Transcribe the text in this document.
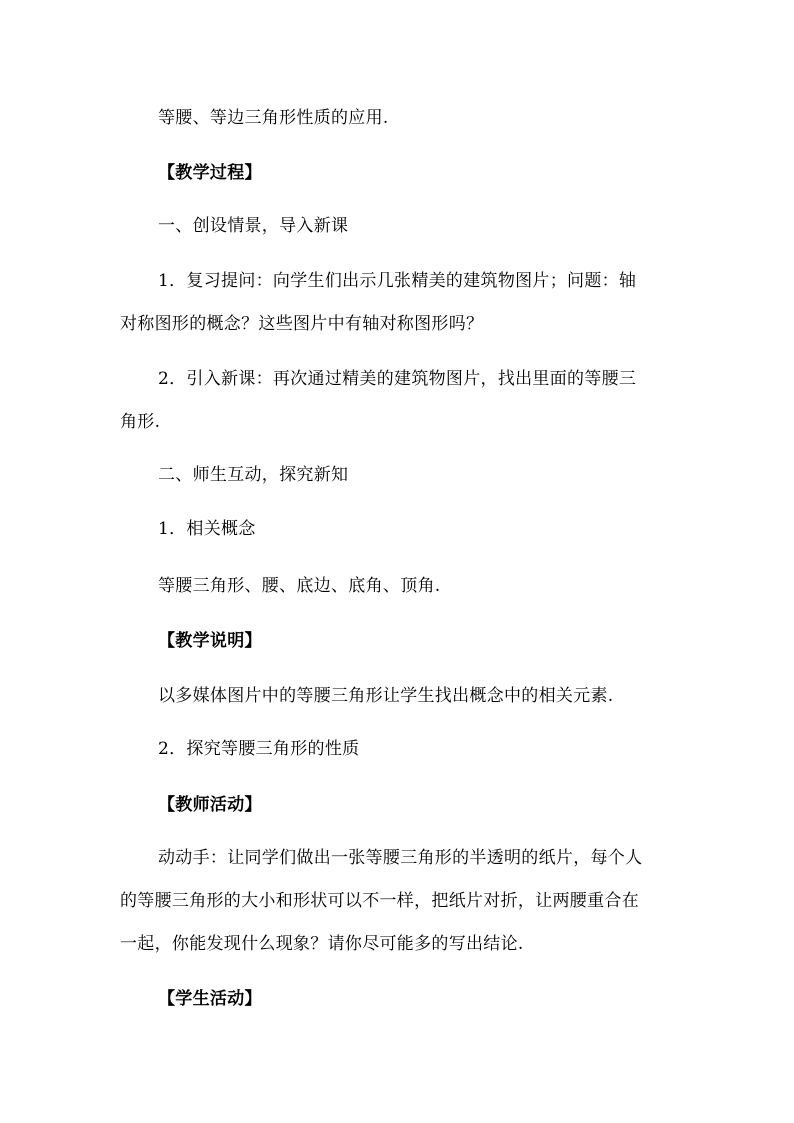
等腰、等边三角形性质的应用.
【教学过程】
一、创设情景，导入新课
1．复习提问：向学生们出示几张精美的建筑物图片；问题：轴
对称图形的概念？这些图片中有轴对称图形吗？
2．引入新课：再次通过精美的建筑物图片，找出里面的等腰三
角形.
二、师生互动，探究新知
1．相关概念
等腰三角形、腰、底边、底角、顶角.
【教学说明】
以多媒体图片中的等腰三角形让学生找出概念中的相关元素.
2．探究等腰三角形的性质
【教师活动】
动动手：让同学们做出一张等腰三角形的半透明的纸片，每个人
的等腰三角形的大小和形状可以不一样，把纸片对折，让两腰重合在
一起，你能发现什么现象？请你尽可能多的写出结论.
【学生活动】
